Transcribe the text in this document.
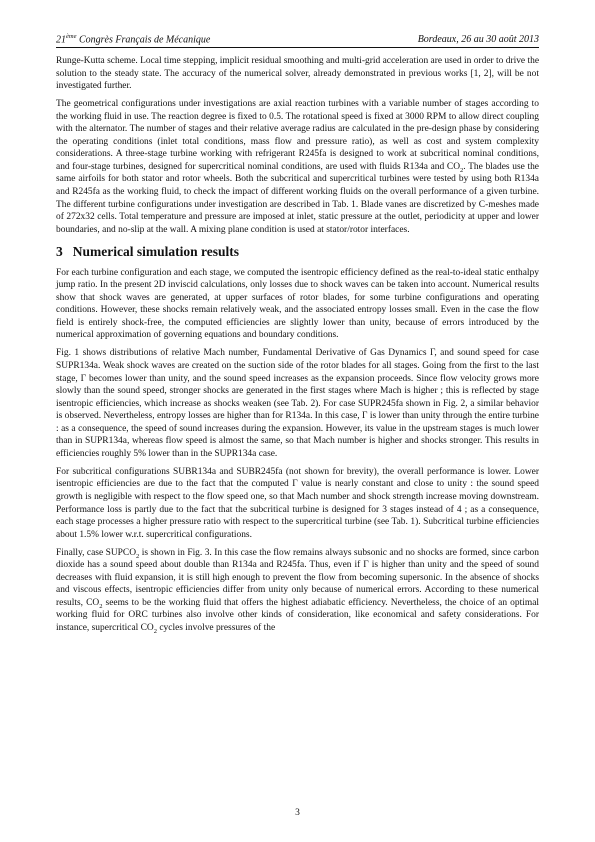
21ème Congrès Français de Mécanique	Bordeaux, 26 au 30 août 2013

Runge-Kutta scheme. Local time stepping, implicit residual smoothing and multi-grid acceleration are used in order to drive the solution to the steady state. The accuracy of the numerical solver, already demonstrated in previous works [1, 2], will be not investigated further.

The geometrical configurations under investigations are axial reaction turbines with a variable number of stages according to the working fluid in use. The reaction degree is fixed to 0.5. The rotational speed is fixed at 3000 RPM to allow direct coupling with the alternator. The number of stages and their relative average radius are calculated in the pre-design phase by considering the operating conditions (inlet total conditions, mass flow and pressure ratio), as well as cost and system complexity considerations. A three-stage turbine working with refrigerant R245fa is designed to work at subcritical nominal conditions, and four-stage turbines, designed for supercritical nominal conditions, are used with fluids R134a and $CO_2$. The blades use the same airfoils for both stator and rotor wheels. Both the subcritical and supercritical turbines were tested by using both R134a and R245fa as the working fluid, to check the impact of different working fluids on the overall performance of a given turbine. The different turbine configurations under investigation are described in Tab. 1. Blade vanes are discretized by C-meshes made of 272x32 cells. Total temperature and pressure are imposed at inlet, static pressure at the outlet, periodicity at upper and lower boundaries, and no-slip at the wall. A mixing plane condition is used at stator/rotor interfaces.

3 Numerical simulation results

For each turbine configuration and each stage, we computed the isentropic efficiency defined as the real-to-ideal static enthalpy jump ratio. In the present 2D inviscid calculations, only losses due to shock waves can be taken into account. Numerical results show that shock waves are generated, at upper surfaces of rotor blades, for some turbine configurations and operating conditions. However, these shocks remain relatively weak, and the associated entropy losses small. Even in the case the flow field is entirely shock-free, the computed efficiencies are slightly lower than unity, because of errors introduced by the numerical approximation of governing equations and boundary conditions.

Fig. 1 shows distributions of relative Mach number, Fundamental Derivative of Gas Dynamics Γ, and sound speed for case SUPR134a. Weak shock waves are created on the suction side of the rotor blades for all stages. Going from the first to the last stage, Γ becomes lower than unity, and the sound speed increases as the expansion proceeds. Since flow velocity grows more slowly than the sound speed, stronger shocks are generated in the first stages where Mach is higher ; this is reflected by stage isentropic efficiencies, which increase as shocks weaken (see Tab. 2). For case SUPR245fa shown in Fig. 2, a similar behavior is observed. Nevertheless, entropy losses are higher than for R134a. In this case, Γ is lower than unity through the entire turbine : as a consequence, the speed of sound increases during the expansion. However, its value in the upstream stages is much lower than in SUPR134a, whereas flow speed is almost the same, so that Mach number is higher and shocks stronger. This results in efficiencies roughly 5% lower than in the SUPR134a case.

For subcritical configurations SUBR134a and SUBR245fa (not shown for brevity), the overall performance is lower. Lower isentropic efficiencies are due to the fact that the computed Γ value is nearly constant and close to unity : the sound speed growth is negligible with respect to the flow speed one, so that Mach number and shock strength increase moving downstream. Performance loss is partly due to the fact that the subcritical turbine is designed for 3 stages instead of 4 ; as a consequence, each stage processes a higher pressure ratio with respect to the supercritical turbine (see Tab. 1). Subcritical turbine efficiencies about 1.5% lower w.r.t. supercritical configurations.

Finally, case $SUPCO_2$ is shown in Fig. 3. In this case the flow remains always subsonic and no shocks are formed, since carbon dioxide has a sound speed about double than R134a and R245fa. Thus, even if Γ is higher than unity and the speed of sound decreases with fluid expansion, it is still high enough to prevent the flow from becoming supersonic. In the absence of shocks and viscous effects, isentropic efficiencies differ from unity only because of numerical errors. According to these numerical results, $CO_2$ seems to be the working fluid that offers the highest adiabatic efficiency. Nevertheless, the choice of an optimal working fluid for ORC turbines also involve other kinds of consideration, like economical and safety considerations. For instance, supercritical $CO_2$ cycles involve pressures of the

3
